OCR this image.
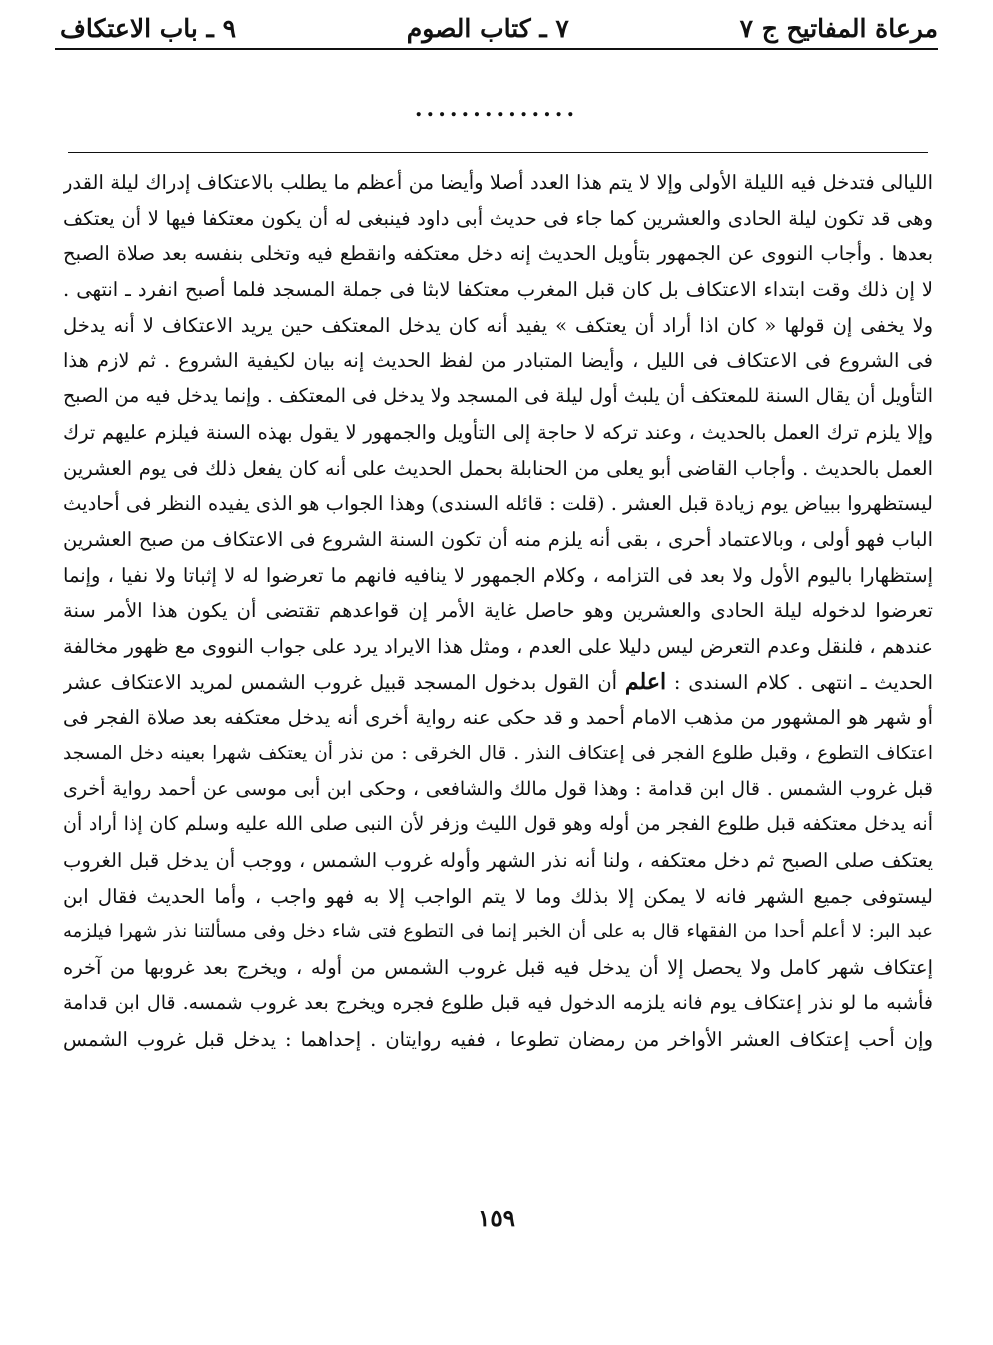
مرعاة المفاتيح ج ٧
٧ ـ كتاب الصوم
٩ ـ باب الاعتكاف
..............
الليالى فتدخل فيه الليلة الأولى وإلا لا يتم هذا العدد أصلا وأيضا من أعظم ما يطلب بالاعتكاف إدراك ليلة القدر
وهى قد تكون ليلة الحادى والعشرين كما جاء فى حديث أبى داود فينبغى له أن يكون معتكفا فيها لا أن يعتكف
بعدها . وأجاب النووى عن الجمهور بتأويل الحديث إنه دخل معتكفه وانقطع فيه وتخلى بنفسه بعد صلاة الصبح
لا إن ذلك وقت ابتداء الاعتكاف بل كان قبل المغرب معتكفا لابثا فى جملة المسجد فلما أصبح انفرد ـ انتهى .
ولا يخفى إن قولها « كان اذا أراد أن يعتكف » يفيد أنه كان يدخل المعتكف حين يريد الاعتكاف لا أنه يدخل
فى الشروع فى الاعتكاف فى الليل ، وأيضا المتبادر من لفظ الحديث إنه بيان لكيفية الشروع . ثم لازم هذا
التأويل أن يقال السنة للمعتكف أن يلبث أول ليلة فى المسجد ولا يدخل فى المعتكف . وإنما يدخل فيه من الصبح
وإلا يلزم ترك العمل بالحديث ، وعند تركه لا حاجة إلى التأويل والجمهور لا يقول بهذه السنة فيلزم عليهم ترك
العمل بالحديث . وأجاب القاضى أبو يعلى من الحنابلة بحمل الحديث على أنه كان يفعل ذلك فى يوم العشرين
ليستظهروا ببياض يوم زيادة قبل العشر . (قلت : قائله السندى) وهذا الجواب هو الذى يفيده النظر فى أحاديث
الباب فهو أولى ، وبالاعتماد أحرى ، بقى أنه يلزم منه أن تكون السنة الشروع فى الاعتكاف من صبح العشرين
إستظهارا باليوم الأول ولا بعد فى التزامه ، وكلام الجمهور لا ينافيه فانهم ما تعرضوا له لا إثباتا ولا نفيا ، وإنما
تعرضوا لدخوله ليلة الحادى والعشرين وهو حاصل غاية الأمر إن قواعدهم تقتضى أن يكون هذا الأمر سنة
عندهم ، فلنقل وعدم التعرض ليس دليلا على العدم ، ومثل هذا الايراد يرد على جواب النووى مع ظهور مخالفة
الحديث ـ انتهى . كلام السندى : اعلم أن القول بدخول المسجد قبيل غروب الشمس لمريد الاعتكاف عشر
أو شهر هو المشهور من مذهب الامام أحمد و قد حكى عنه رواية أخرى أنه يدخل معتكفه بعد صلاة الفجر فى
اعتكاف التطوع ، وقبل طلوع الفجر فى إعتكاف النذر . قال الخرقى : من نذر أن يعتكف شهرا بعينه دخل المسجد
قبل غروب الشمس . قال ابن قدامة : وهذا قول مالك والشافعى ، وحكى ابن أبى موسى عن أحمد رواية أخرى
أنه يدخل معتكفه قبل طلوع الفجر من أوله وهو قول الليث وزفر لأن النبى صلى الله عليه وسلم كان إذا أراد أن
يعتكف صلى الصبح ثم دخل معتكفه ، ولنا أنه نذر الشهر وأوله غروب الشمس ، ووجب أن يدخل قبل الغروب
ليستوفى جميع الشهر فانه لا يمكن إلا بذلك وما لا يتم الواجب إلا به فهو واجب ، وأما الحديث فقال ابن
عبد البر: لا أعلم أحدا من الفقهاء قال به على أن الخبر إنما فى التطوع فتى شاء دخل وفى مسألتنا نذر شهرا فيلزمه
إعتكاف شهر كامل ولا يحصل إلا أن يدخل فيه قبل غروب الشمس من أوله ، ويخرج بعد غروبها من آخره
فأشبه ما لو نذر إعتكاف يوم فانه يلزمه الدخول فيه قبل طلوع فجره ويخرج بعد غروب شمسه. قال ابن قدامة
وإن أحب إعتكاف العشر الأواخر من رمضان تطوعا ، ففيه روايتان . إحداهما : يدخل قبل غروب الشمس
١٥٩
